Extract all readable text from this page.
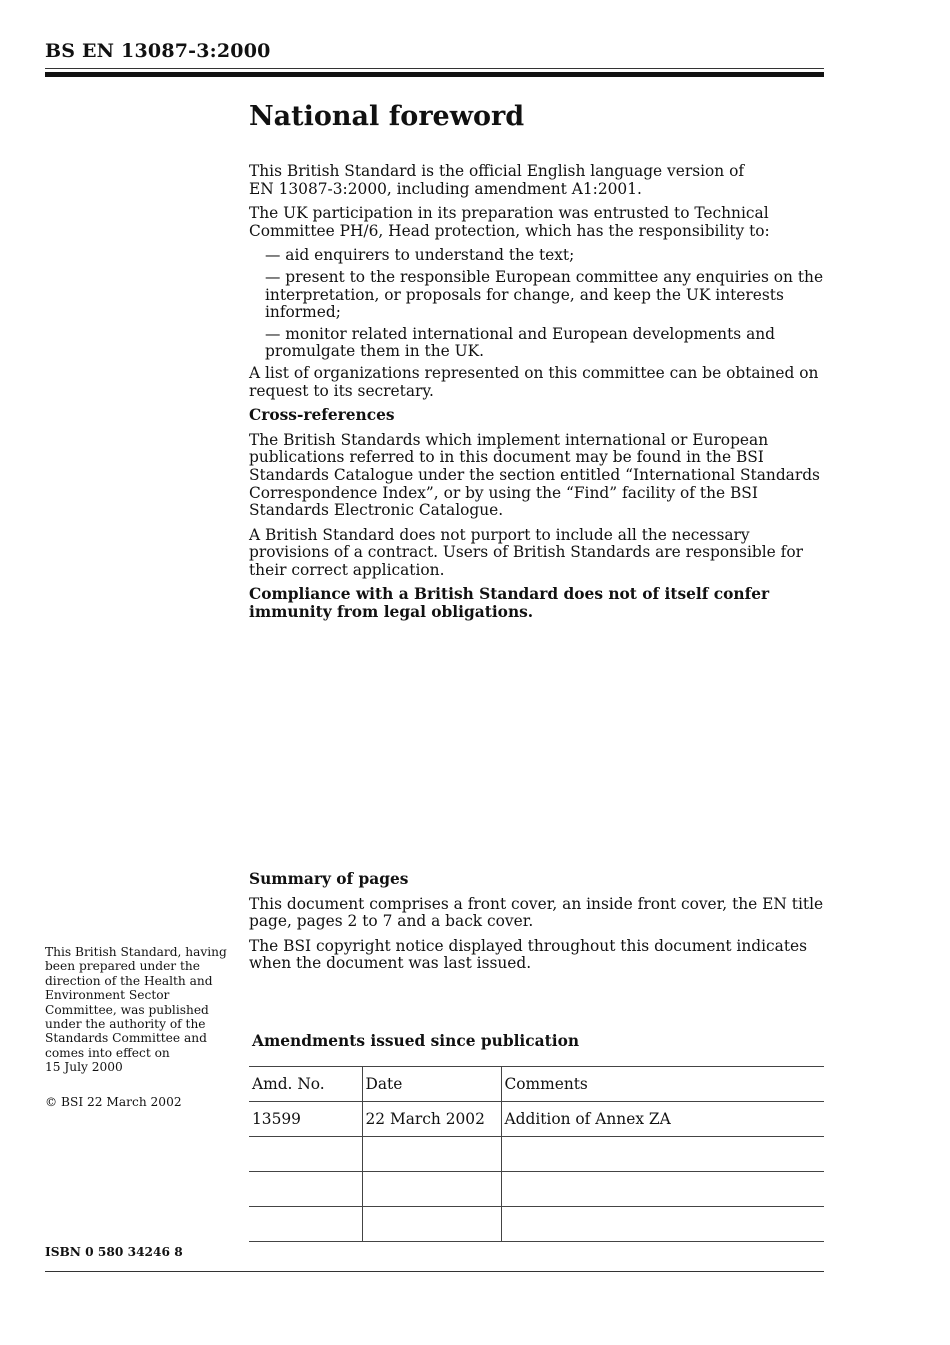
BS EN 13087-3:2000
National foreword

This British Standard is the official English language version of
EN 13087-3:2000, including amendment A1:2001.

The UK participation in its preparation was entrusted to Technical Committee PH/6, Head protection, which has the responsibility to:

— aid enquirers to understand the text;

— present to the responsible European committee any enquiries on the interpretation, or proposals for change, and keep the UK interests informed;

— monitor related international and European developments and promulgate them in the UK.

A list of organizations represented on this committee can be obtained on request to its secretary.

Cross-references

The British Standards which implement international or European publications referred to in this document may be found in the BSI Standards Catalogue under the section entitled “International Standards Correspondence Index”, or by using the “Find” facility of the BSI Standards Electronic Catalogue.

A British Standard does not purport to include all the necessary provisions of a contract. Users of British Standards are responsible for their correct application.

Compliance with a British Standard does not of itself confer immunity from legal obligations.

Summary of pages

This document comprises a front cover, an inside front cover, the EN title page, pages 2 to 7 and a back cover.

The BSI copyright notice displayed throughout this document indicates when the document was last issued.

This British Standard, having been prepared under the direction of the Health and Environment Sector Committee, was published under the authority of the Standards Committee and comes into effect on
15 July 2000
© BSI 22 March 2002
Amendments issued since publication
Amd. No.	Date	Comments
13599	22 March 2002	Addition of Annex ZA

ISBN 0 580 34246 8
